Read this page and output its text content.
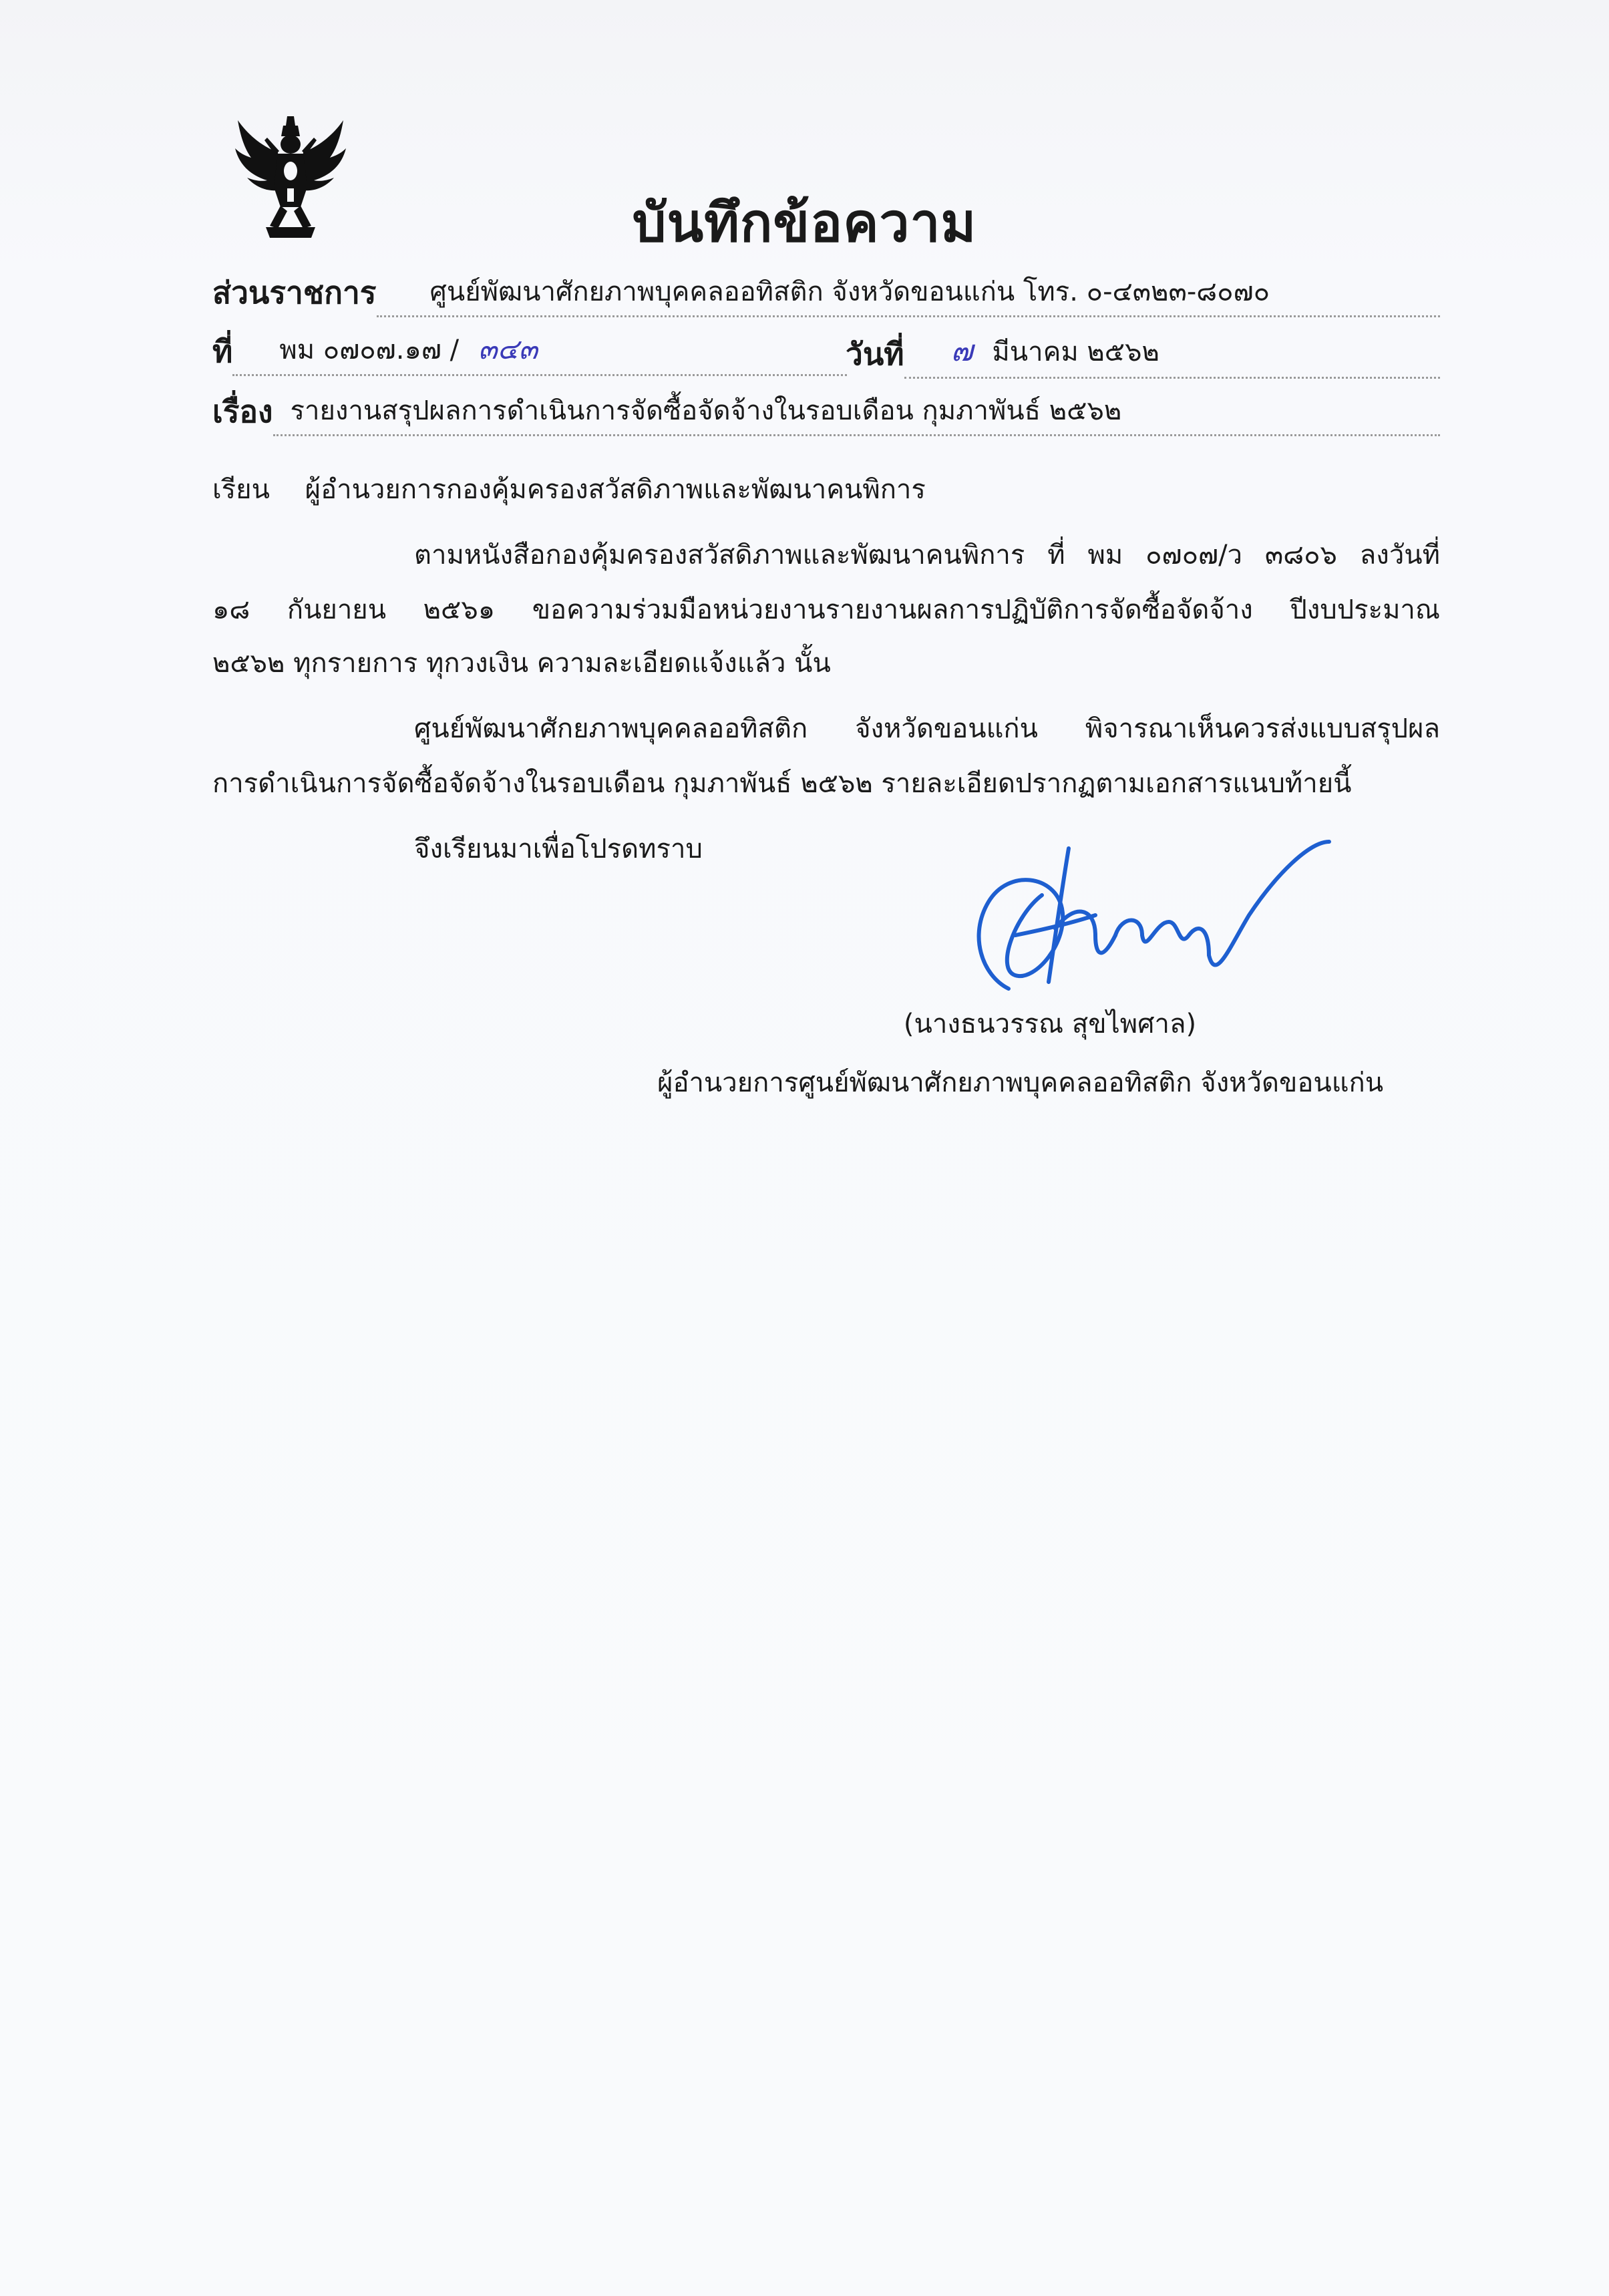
บันทึกข้อความ
ส่วนราชการ	ศูนย์พัฒนาศักยภาพบุคคลออทิสติก จังหวัดขอนแก่น โทร. ๐-๔๓๒๓-๘๐๗๐
ที่	พม ๐๗๐๗.๑๗ / ๓๔๓	วันที่	๗ มีนาคม ๒๕๖๒
เรื่อง รายงานสรุปผลการดำเนินการจัดซื้อจัดจ้างในรอบเดือน กุมภาพันธ์ ๒๕๖๒
เรียน ผู้อำนวยการกองคุ้มครองสวัสดิภาพและพัฒนาคนพิการ
ตามหนังสือกองคุ้มครองสวัสดิภาพและพัฒนาคนพิการ ที่ พม ๐๗๐๗/ว ๓๘๐๖ ลงวันที่
๑๘ กันยายน ๒๕๖๑ ขอความร่วมมือหน่วยงานรายงานผลการปฏิบัติการจัดซื้อจัดจ้าง ปีงบประมาณ
๒๕๖๒ ทุกรายการ ทุกวงเงิน ความละเอียดแจ้งแล้ว นั้น
ศูนย์พัฒนาศักยภาพบุคคลออทิสติก จังหวัดขอนแก่น พิจารณาเห็นควรส่งแบบสรุปผล
การดำเนินการจัดซื้อจัดจ้างในรอบเดือน กุมภาพันธ์ ๒๕๖๒ รายละเอียดปรากฏตามเอกสารแนบท้ายนี้
จึงเรียนมาเพื่อโปรดทราบ
(นางธนวรรณ สุขไพศาล)
ผู้อำนวยการศูนย์พัฒนาศักยภาพบุคคลออทิสติก จังหวัดขอนแก่น
